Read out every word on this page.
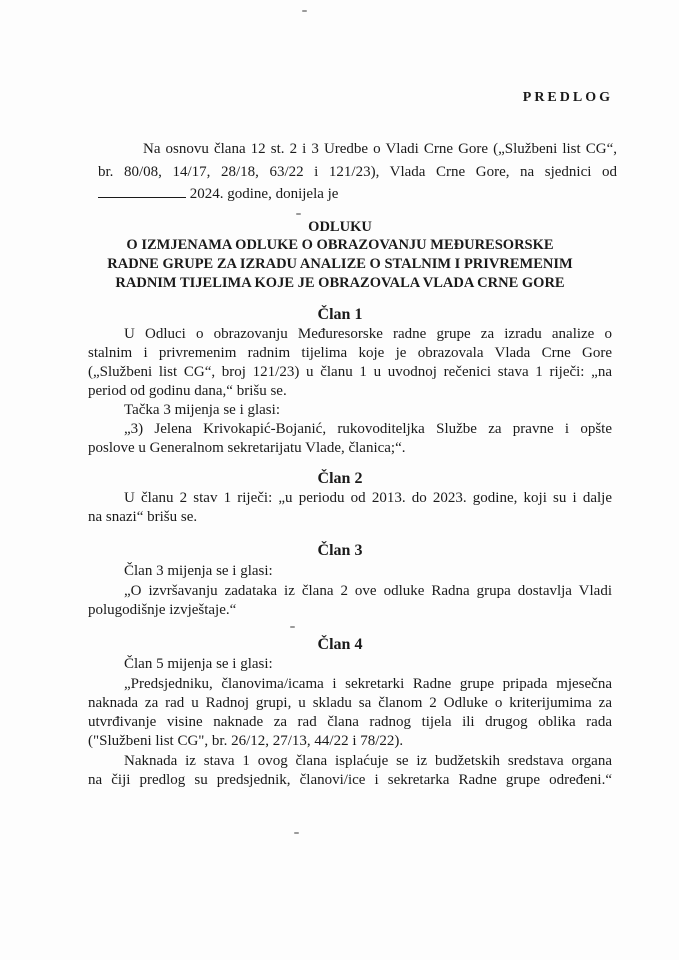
PREDLOG
Na osnovu člana 12 st. 2 i 3 Uredbe o Vladi Crne Gore („Službeni list CG“,
br. 80/08, 14/17, 28/18, 63/22 i 121/23), Vlada Crne Gore, na sjednici od
2024. godine, donijela je
ODLUKU
O IZMJENAMA ODLUKE O OBRAZOVANJU MEĐURESORSKE
RADNE GRUPE ZA IZRADU ANALIZE O STALNIM I PRIVREMENIM
RADNIM TIJELIMA KOJE JE OBRAZOVALA VLADA CRNE GORE
Član 1
U Odluci o obrazovanju Međuresorske radne grupe za izradu analize o
stalnim i privremenim radnim tijelima koje je obrazovala Vlada Crne Gore
(„Službeni list CG“, broj 121/23) u članu 1 u uvodnoj rečenici stava 1 riječi: „na
period od godinu dana,“ brišu se.
Tačka 3 mijenja se i glasi:
„3) Jelena Krivokapić-Bojanić, rukovoditeljka Službe za pravne i opšte
poslove u Generalnom sekretarijatu Vlade, članica;“.
Član 2
U članu 2 stav 1 riječi: „u periodu od 2013. do 2023. godine, koji su i dalje
na snazi“ brišu se.
Član 3
Član 3 mijenja se i glasi:
„O izvršavanju zadataka iz člana 2 ove odluke Radna grupa dostavlja Vladi
polugodišnje izvještaje.“
Član 4
Član 5 mijenja se i glasi:
„Predsjedniku, članovima/icama i sekretarki Radne grupe pripada mjesečna
naknada za rad u Radnoj grupi, u skladu sa članom 2 Odluke o kriterijumima za
utvrđivanje visine naknade za rad člana radnog tijela ili drugog oblika rada
("Službeni list CG", br. 26/12, 27/13, 44/22 i 78/22).
Naknada iz stava 1 ovog člana isplaćuje se iz budžetskih sredstava organa
na čiji predlog su predsjednik, članovi/ice i sekretarka Radne grupe određeni.“
